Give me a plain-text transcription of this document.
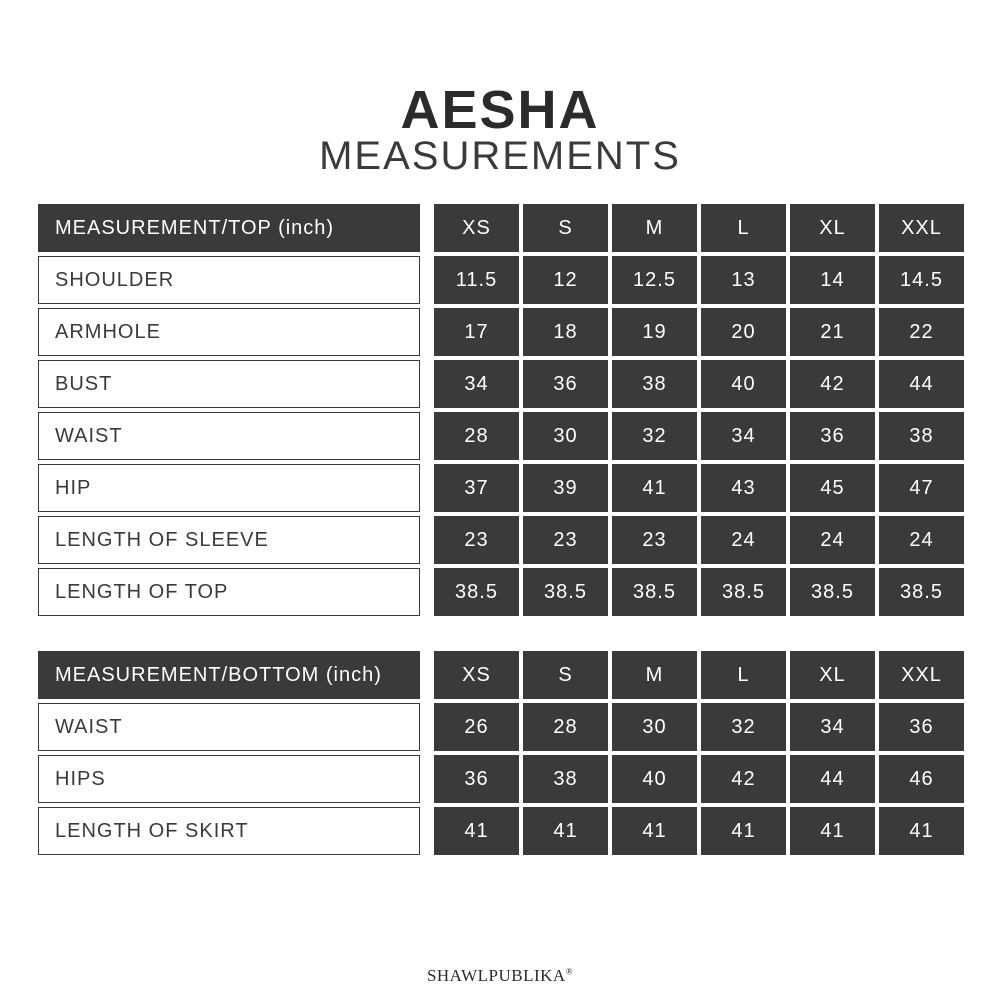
AESHA
MEASUREMENTS
MEASUREMENT/TOP (inch)	XS	S	M	L	XL	XXL
SHOULDER	11.5	12	12.5	13	14	14.5
ARMHOLE	17	18	19	20	21	22
BUST	34	36	38	40	42	44
WAIST	28	30	32	34	36	38
HIP	37	39	41	43	45	47
LENGTH OF SLEEVE	23	23	23	24	24	24
LENGTH OF TOP	38.5	38.5	38.5	38.5	38.5	38.5
MEASUREMENT/BOTTOM (inch)	XS	S	M	L	XL	XXL
WAIST	26	28	30	32	34	36
HIPS	36	38	40	42	44	46
LENGTH OF SKIRT	41	41	41	41	41	41
SHAWLPUBLIKA®
